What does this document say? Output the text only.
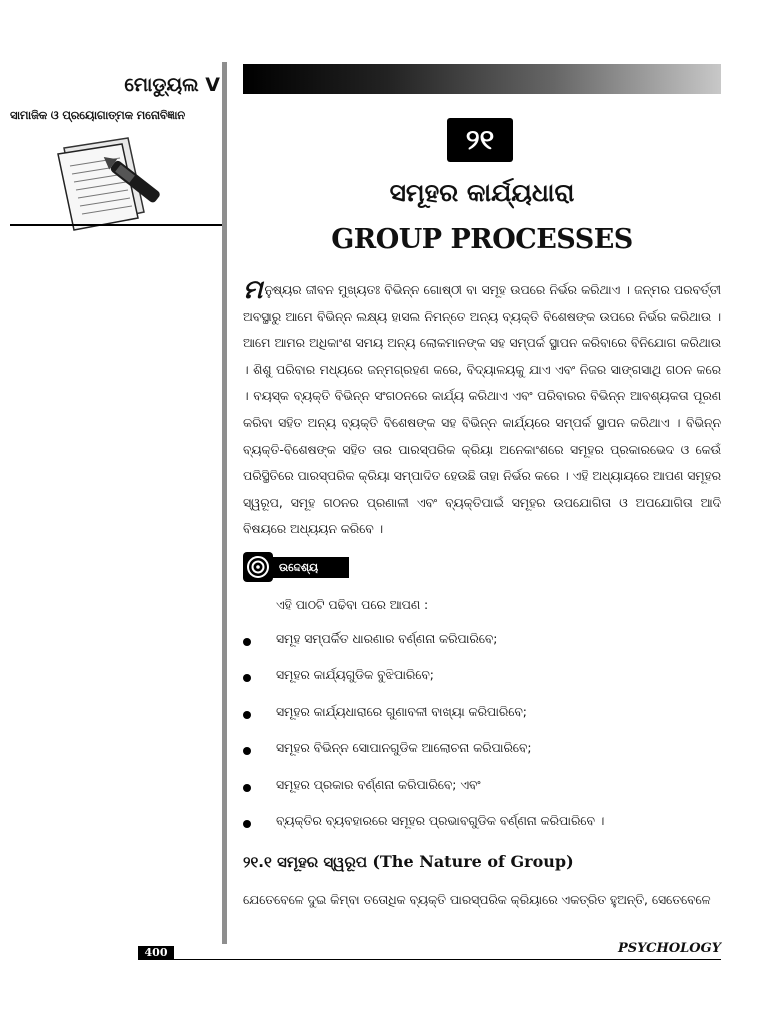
ମୋଡ୍ୟୁଲ V
ସାମାଜିକ ଓ ପ୍ରୟୋଗାତ୍ମକ ମନୋବିଜ୍ଞାନ
୨୧
ସମୂହର କାର୍ଯ୍ୟଧାରା
GROUP PROCESSES

ମନୁଷ୍ୟର ଜୀବନ ମୁଖ୍ୟତଃ ବିଭିନ୍ନ ଗୋଷ୍ଠୀ ବା ସମୂହ ଉପରେ ନିର୍ଭର କରିଥାଏ । ଜନ୍ମର ପରବର୍ତ୍ତୀ ଅବସ୍ଥାରୁ ଆମେ ବିଭିନ୍ନ ଲକ୍ଷ୍ୟ ହାସଲ ନିମନ୍ତେ ଅନ୍ୟ ବ୍ୟକ୍ତି ବିଶେଷଙ୍କ ଉପରେ ନିର୍ଭର କରିଥାଉ । ଆମେ ଆମର ଅଧିକାଂଶ ସମୟ ଅନ୍ୟ ଲୋକମାନଙ୍କ ସହ ସମ୍ପର୍କ ସ୍ଥାପନ କରିବାରେ ବିନିଯୋଗ କରିଥାଉ । ଶିଶୁ ପରିବାର ମଧ୍ୟରେ ଜନ୍ମଗ୍ରହଣ କରେ, ବିଦ୍ୟାଳୟକୁ ଯାଏ ଏବଂ ନିଜର ସାଙ୍ଗସାଥି ଗଠନ କରେ । ବୟସ୍କ ବ୍ୟକ୍ତି ବିଭିନ୍ନ ସଂଗଠନରେ କାର୍ଯ୍ୟ କରିଥାଏ ଏବଂ ପରିବାରର ବିଭିନ୍ନ ଆବଶ୍ୟକତା ପୂରଣ କରିବା ସହିତ ଅନ୍ୟ ବ୍ୟକ୍ତି ବିଶେଷଙ୍କ ସହ ବିଭିନ୍ନ କାର୍ଯ୍ୟରେ ସମ୍ପର୍କ ସ୍ଥାପନ କରିଥାଏ । ବିଭିନ୍ନ ବ୍ୟକ୍ତି-ବିଶେଷଙ୍କ ସହିତ ତାର ପାରସ୍ପରିକ କ୍ରିୟା ଅନେକାଂଶରେ ସମୂହର ପ୍ରକାରଭେଦ ଓ କେଉଁ ପରିସ୍ଥିତିରେ ପାରସ୍ପରିକ କ୍ରିୟା ସମ୍ପାଦିତ ହେଉଛି ତାହା ନିର୍ଭର କରେ । ଏହି ଅଧ୍ୟାୟରେ ଆପଣ ସମୂହର ସ୍ୱରୂପ, ସମୂହ ଗଠନର ପ୍ରଣାଳୀ ଏବଂ ବ୍ୟକ୍ତିପାଇଁ ସମୂହର ଉପଯୋଗିତା ଓ ଅପଯୋଗିତା ଆଦି ବିଷୟରେ ଅଧ୍ୟୟନ କରିବେ ।

ଉଦ୍ଦେଶ୍ୟ
ଏହି ପାଠଟି ପଢିବା ପରେ ଆପଣ :
ସମୂହ ସମ୍ପର୍କିତ ଧାରଣାର ବର୍ଣ୍ଣନା କରିପାରିବେ;
ସମୂହର କାର୍ଯ୍ୟଗୁଡିକ ବୁଝିପାରିବେ;
ସମୂହର କାର୍ଯ୍ୟଧାରାରେ ଗୁଣାବଳୀ ବାଖ୍ୟା କରିପାରିବେ;
ସମୂହର ବିଭିନ୍ନ ସୋପାନଗୁଡିକ ଆଲୋଚନା କରିପାରିବେ;
ସମୂହର ପ୍ରକାର ବର୍ଣ୍ଣନା କରିପାରିବେ; ଏବଂ
ବ୍ୟକ୍ତିର ବ୍ୟବହାରରେ ସମୂହର ପ୍ରଭାବଗୁଡିକ ବର୍ଣ୍ଣନା କରିପାରିବେ ।
୨୧.୧ ସମୂହର ସ୍ୱରୂପ (The Nature of Group)
ଯେତେବେଳେ ଦୁଇ କିମ୍ବା ତତୋଧିକ ବ୍ୟକ୍ତି ପାରସ୍ପରିକ କ୍ରିୟାରେ ଏକତ୍ରିତ ହୁଅନ୍ତି, ସେତେବେଳେ
400	PSYCHOLOGY
